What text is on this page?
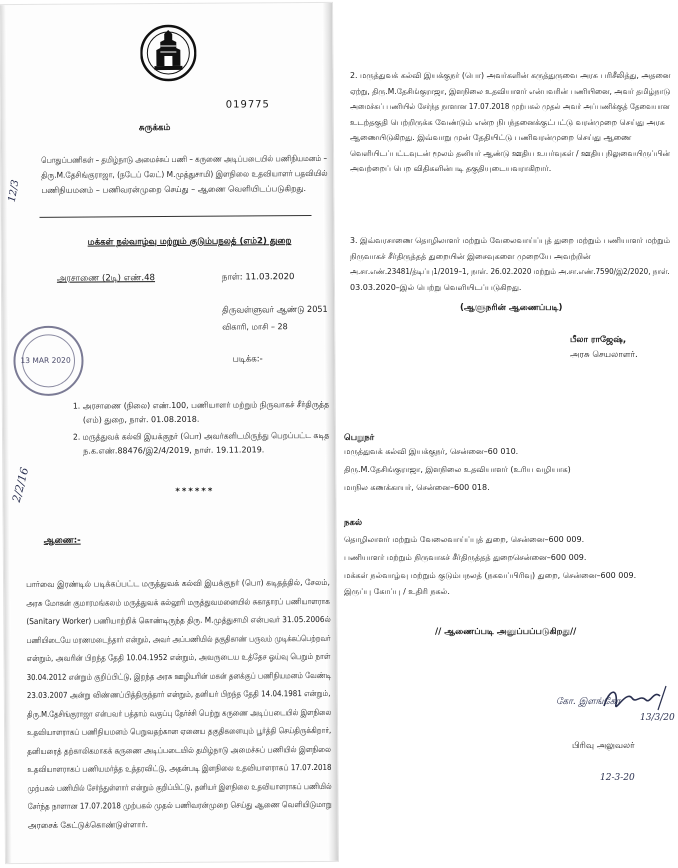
019775
சுருக்கம்
பொதுப்பணிகள் – தமிழ்நாடு அமைச்சுப் பணி – கருணை அடிப்படையில் பணிநியமனம் –
திரு.M.தேசிங்குராஜா, (நடேப் லேட்) M.முத்துசாமி) இளநிலை உதவியாளர் பதவியில்
பணிநியமனம் – பணிவரன்முறை செய்து – ஆணை வெளியிடப்படுகிறது.
மக்கள் நல்வாழ்வு மற்றும் குடும்பநலத் (எம்2) துறை
அரசாணை (2டி) எண்.48	நாள்: 11.03.2020
திருவள்ளுவர் ஆண்டு 2051
விகாரி, மாசி – 28
படிக்க:-
1. அரசாணை (நிலை) எண்.100, பணியாளர் மற்றும் நிருவாகச் சீர்திருத்த
(எம்) துறை, நாள். 01.08.2018.
2. மருத்துவக் கல்வி இயக்குநர் (பொ) அவர்களிடமிருந்து பெறப்பட்ட கடித
ந.க.எண்.88476/இ2/4/2019, நாள். 19.11.2019.
******
ஆணை:-
பார்வை இரண்டில் படிக்கப்பட்ட மருத்துவக் கல்வி இயக்குநர் (பொ) கடிதத்தில், சேலம்,
அரசு மோகன் குமாரமங்கலம் மருத்துவக் கல்லூரி மருத்துவமனையில் சுகாதாரப் பணியாளராக
(Sanitary Worker) பணியாற்றிக் கொண்டிருந்த திரு. M.முத்துசாமி என்பவர் 31.05.2006ல்
பணியிடையே மரணமடைந்தார் என்றும், அவர் அப்பணியில் தகுதிகாண் பருவம் முடிக்கப்பெற்றவர்
என்றும், அவரின் பிறந்த தேதி 10.04.1952 என்றும், அவருடைய உத்தேச ஓய்வு பெறும் நாள்
30.04.2012 என்றும் குறிப்பிட்டு, இறந்த அரசு ஊழியரின் மகன் தனக்குப் பணிநியமனம் வேண்டி
23.03.2007 அன்று விண்ணப்பித்திருந்தார் என்றும், தனியர் பிறந்த தேதி 14.04.1981 என்றும்,
திரு.M.தேசிங்குராஜா என்பவர் பத்தாம் வகுப்பு தேர்ச்சி பெற்று கருணை அடிப்படையில் இளநிலை
உதவியாளராகப் பணிநியமனம் பெறுவதற்கான ஏனைய தகுதிகளையும் பூர்த்தி செய்திருக்கிறார்,
தனியரைத் தற்காலிகமாகக் கருணை அடிப்படையில் தமிழ்நாடு அமைச்சுப் பணியில் இளநிலை
உதவியாளராகப் பணியமர்த்த உத்தரவிட்டு, அதன்படி இளநிலை உதவியாளராகப் 17.07.2018
முற்பகல் பணியில் சேர்ந்துள்ளார் என்றும் குறிப்பிட்டு, தனியர் இளநிலை உதவியாளராகப் பணியில்
சேர்ந்த நாளான 17.07.2018 முற்பகல் முதல் பணிவரன்முறை செய்து ஆணை வெளியிடுமாறு
அரசைக் கேட்டுக்கொண்டுள்ளார்.
13 MAR 2020
12/3
2/2/16
2. மருத்துவக் கல்வி இயக்குநர் (பொ) அவர்களின் கருத்துருவை அரசு பரிசீலித்து, அதனை
ஏற்று, திரு.M.தேசிங்குராஜா, இளநிலை உதவியாளர் என்பவரின் பணியினை, அவர் தமிழ்நாடு
அமைச்சுப் பணியில் சேர்ந்த நாளான 17.07.2018 முற்பகல் முதல் அவர் அப்பணிக்குத் தேவையான
உடற்தகுதி பெற்றிருக்க வேண்டும் என்ற நிபந்தனைக்குட்பட்டு வரன்முறை செய்து அரசு
ஆணையிடுகிறது. இவ்வாறு முன் தேதியிட்டு பணிவரன்முறை செய்து ஆணை
வெளியிடப்பட்டவுடன் மூலம் தனியர் ஆண்டு ஊதிய உயர்வுகள் / ஊதிய நிலுவையிருப்பின்
அவற்றைப் பெற விதிகளின்படி தகுதியுடையவராகிறார்.
3. இவ்வரசாணை தொழிலாளர் மற்றும் வேலைவாய்ப்புத் துறை மற்றும் பணியாளர் மற்றும்
நிருவாகச் சீர்திருத்தத் துறையின் இசைவுகளை முறையே அவற்றின்
அ.சா.எண்.23481/த்டிப்பு1/2019–1, நாள். 26.02.2020 மற்றும் அ.சா.எண்.7590/இ2/2020, நாள்.
03.03.2020–இல் பெற்று வெளியிடப்படுகிறது.
(ஆளுநரின் ஆணைப்படி)
பீலா ராஜேஷ்,
அரசு செயலாளர்.
பெறுநர்
மருத்துவக் கல்வி இயக்குநர், சென்னை–60 010.
திரு.M.தேசிங்குராஜா, இளநிலை உதவியாளர் (உரிய வழியாக)
மாநில கணக்காயர், சென்னை–600 018.
நகல்
தொழிலாளர் மற்றும் வேலைவாய்ப்புத் துறை, சென்னை–600 009.
பணியாளர் மற்றும் நிருவாகச் சீர்திருத்தத் துறைசென்னை–600 009.
மக்கள் நல்வாழ்வு மற்றும் குடும்பநலத் (நகவப்பிரிவு) துறை, சென்னை–600 009.
இருப்பு கோப்பு / உதிரி நகல்.
// ஆணைப்படி அனுப்பப்படுகிறது//
கோ. இளங்கோ
13/3/20
பிரிவு அலுவலர்
12-3-20
